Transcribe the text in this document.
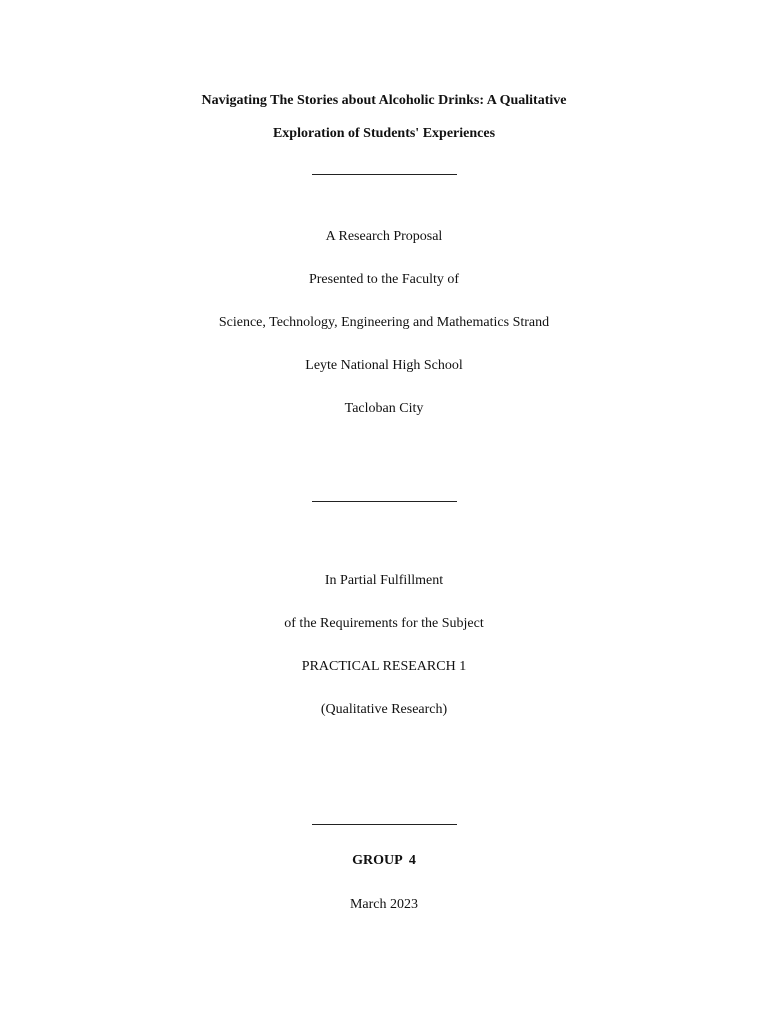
Navigating The Stories about Alcoholic Drinks: A Qualitative
Exploration of Students' Experiences
A Research Proposal
Presented to the Faculty of
Science, Technology, Engineering and Mathematics Strand
Leyte National High School
Tacloban City
In Partial Fulfillment
of the Requirements for the Subject
PRACTICAL RESEARCH 1
(Qualitative Research)
GROUP  4
March 2023
